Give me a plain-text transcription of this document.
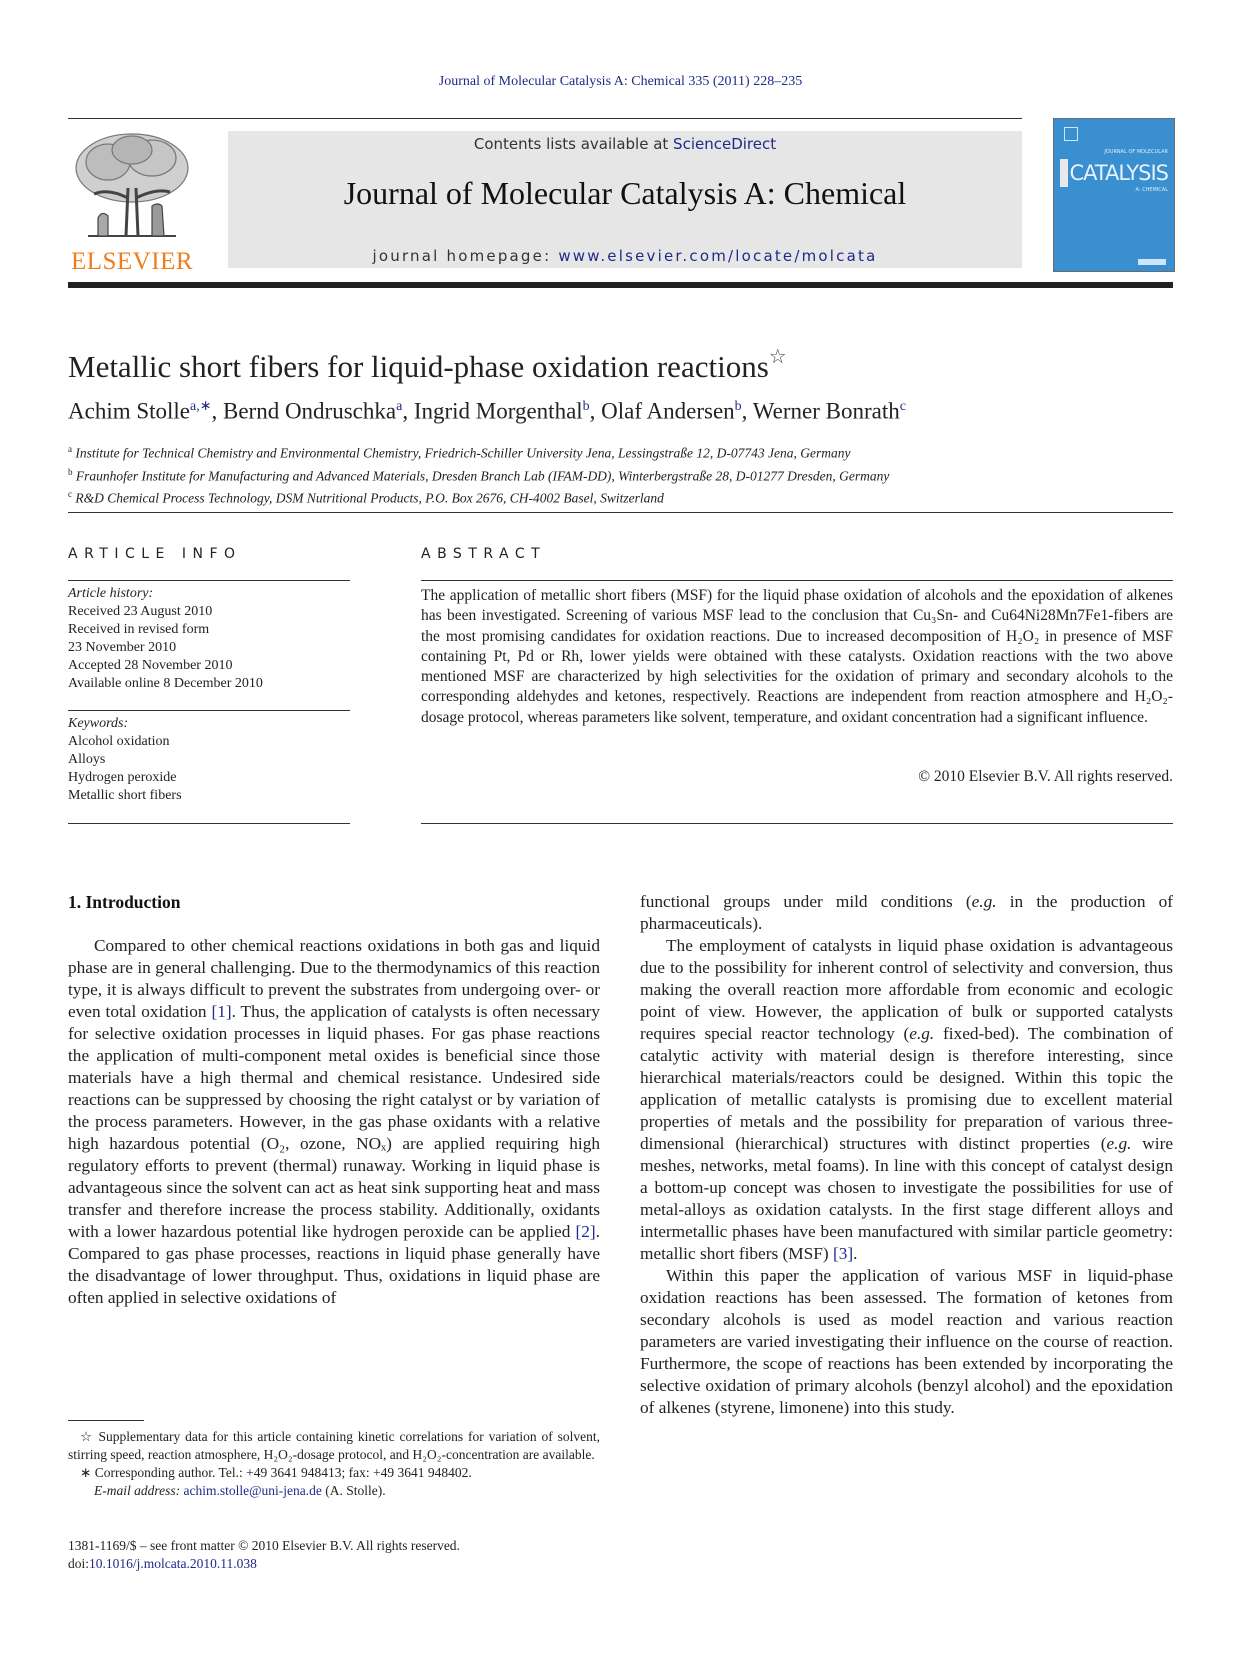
Journal of Molecular Catalysis A: Chemical 335 (2011) 228–235
ELSEVIER
Contents lists available at ScienceDirect
Journal of Molecular Catalysis A: Chemical
journal homepage: www.elsevier.com/locate/molcata
JOURNAL OF MOLECULAR
CATALYSIS
A: CHEMICAL
Metallic short fibers for liquid-phase oxidation reactions☆
Achim Stolle$^{a,∗}$, Bernd Ondruschka$^a$, Ingrid Morgenthal$^b$, Olaf Andersen$^b$, Werner Bonrath$^c$
$^a$ Institute for Technical Chemistry and Environmental Chemistry, Friedrich-Schiller University Jena, Lessingstraße 12, D-07743 Jena, Germany
$^b$ Fraunhofer Institute for Manufacturing and Advanced Materials, Dresden Branch Lab (IFAM-DD), Winterbergstraße 28, D-01277 Dresden, Germany
$^c$ R&D Chemical Process Technology, DSM Nutritional Products, P.O. Box 2676, CH-4002 Basel, Switzerland
ARTICLE INFO
Article history:
Received 23 August 2010
Received in revised form
23 November 2010
Accepted 28 November 2010
Available online 8 December 2010
Keywords:
Alcohol oxidation
Alloys
Hydrogen peroxide
Metallic short fibers
ABSTRACT
The application of metallic short fibers (MSF) for the liquid phase oxidation of alcohols and the epoxidation of alkenes has been investigated. Screening of various MSF lead to the conclusion that Cu₃Sn- and Cu64Ni28Mn7Fe1-fibers are the most promising candidates for oxidation reactions. Due to increased decomposition of H₂O₂ in presence of MSF containing Pt, Pd or Rh, lower yields were obtained with these catalysts. Oxidation reactions with the two above mentioned MSF are characterized by high selectivities for the oxidation of primary and secondary alcohols to the corresponding aldehydes and ketones, respectively. Reactions are independent from reaction atmosphere and H₂O₂-dosage protocol, whereas parameters like solvent, temperature, and oxidant concentration had a significant influence.
© 2010 Elsevier B.V. All rights reserved.
1. Introduction

Compared to other chemical reactions oxidations in both gas and liquid phase are in general challenging. Due to the thermodynamics of this reaction type, it is always difficult to prevent the substrates from undergoing over- or even total oxidation [1]. Thus, the application of catalysts is often necessary for selective oxidation processes in liquid phases. For gas phase reactions the application of multi-component metal oxides is beneficial since those materials have a high thermal and chemical resistance. Undesired side reactions can be suppressed by choosing the right catalyst or by variation of the process parameters. However, in the gas phase oxidants with a relative high hazardous potential (O₂, ozone, NOₓ) are applied requiring high regulatory efforts to prevent (thermal) runaway. Working in liquid phase is advantageous since the solvent can act as heat sink supporting heat and mass transfer and therefore increase the process stability. Additionally, oxidants with a lower hazardous potential like hydrogen peroxide can be applied [2]. Compared to gas phase processes, reactions in liquid phase generally have the disadvantage of lower throughput. Thus, oxidations in liquid phase are often applied in selective oxidations of

functional groups under mild conditions (e.g. in the production of pharmaceuticals).

The employment of catalysts in liquid phase oxidation is advantageous due to the possibility for inherent control of selectivity and conversion, thus making the overall reaction more affordable from economic and ecologic point of view. However, the application of bulk or supported catalysts requires special reactor technology (e.g. fixed-bed). The combination of catalytic activity with material design is therefore interesting, since hierarchical materials/reactors could be designed. Within this topic the application of metallic catalysts is promising due to excellent material properties of metals and the possibility for preparation of various three-dimensional (hierarchical) structures with distinct properties (e.g. wire meshes, networks, metal foams). In line with this concept of catalyst design a bottom-up concept was chosen to investigate the possibilities for use of metal-alloys as oxidation catalysts. In the first stage different alloys and intermetallic phases have been manufactured with similar particle geometry: metallic short fibers (MSF) [3].

Within this paper the application of various MSF in liquid-phase oxidation reactions has been assessed. The formation of ketones from secondary alcohols is used as model reaction and various reaction parameters are varied investigating their influence on the course of reaction. Furthermore, the scope of reactions has been extended by incorporating the selective oxidation of primary alcohols (benzyl alcohol) and the epoxidation of alkenes (styrene, limonene) into this study.

☆ Supplementary data for this article containing kinetic correlations for variation of solvent, stirring speed, reaction atmosphere, H₂O₂-dosage protocol, and H₂O₂-concentration are available.

∗ Corresponding author. Tel.: +49 3641 948413; fax: +49 3641 948402.

E-mail address: achim.stolle@uni-jena.de (A. Stolle).
1381-1169/$ – see front matter © 2010 Elsevier B.V. All rights reserved.
doi:10.1016/j.molcata.2010.11.038
